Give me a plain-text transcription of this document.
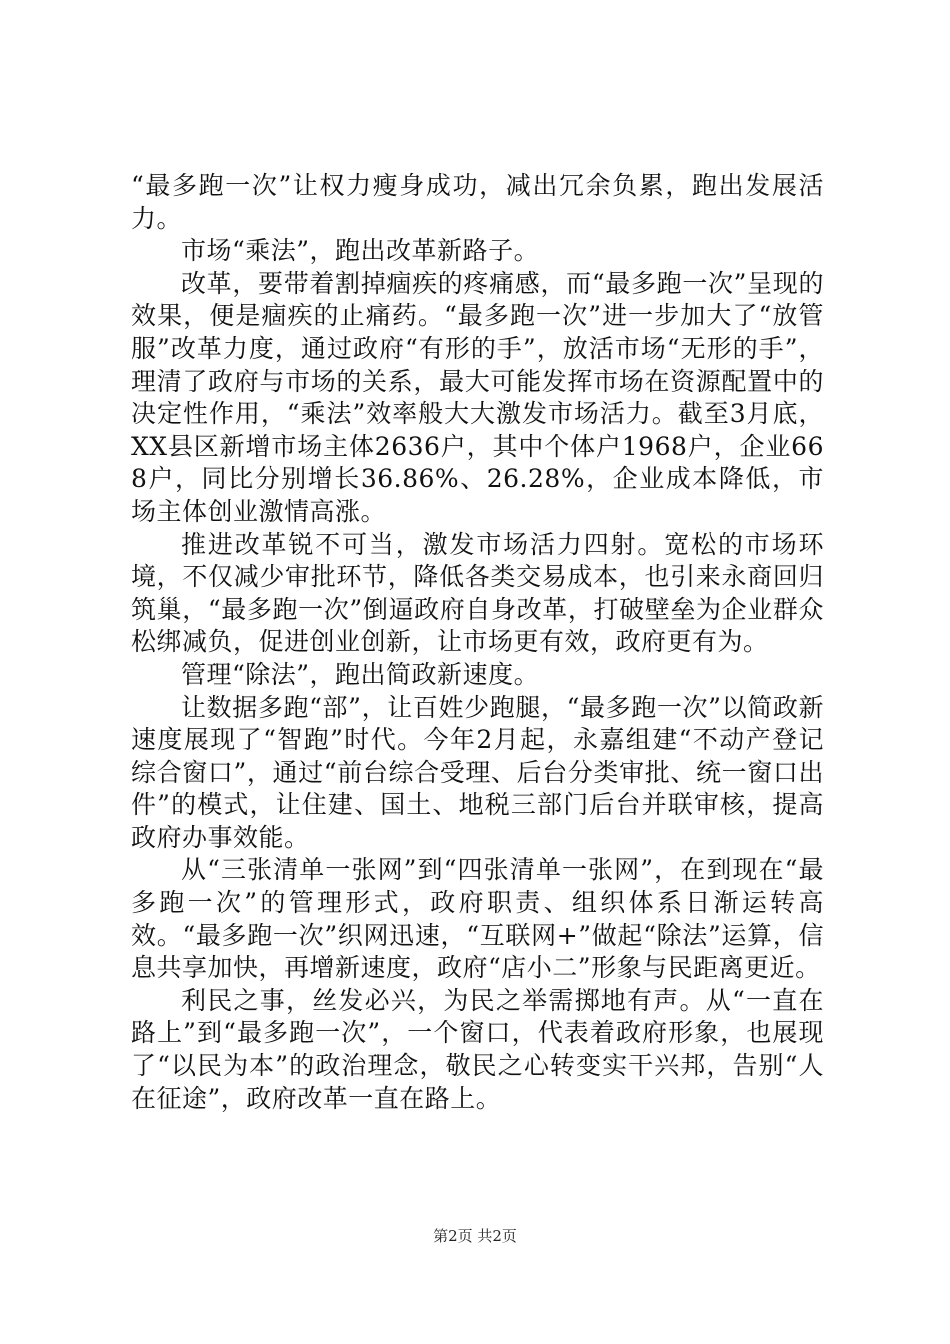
“最多跑一次”让权力瘦身成功，减出冗余负累，跑出发展活力。

市场“乘法”，跑出改革新路子。

改革，要带着割掉痼疾的疼痛感，而“最多跑一次”呈现的效果，便是痼疾的止痛药。“最多跑一次”进一步加大了“放管服”改革力度，通过政府“有形的手”，放活市场“无形的手”，理清了政府与市场的关系，最大可能发挥市场在资源配置中的决定性作用，“乘法”效率般大大激发市场活力。截至3月底，XX县区新增市场主体2636户，其中个体户1968户，企业668户，同比分别增长36.86%、26.28%，企业成本降低，市场主体创业激情高涨。

推进改革锐不可当，激发市场活力四射。宽松的市场环境，不仅减少审批环节，降低各类交易成本，也引来永商回归筑巢，“最多跑一次”倒逼政府自身改革，打破壁垒为企业群众松绑减负，促进创业创新，让市场更有效，政府更有为。

管理“除法”，跑出简政新速度。

让数据多跑“部”，让百姓少跑腿，“最多跑一次”以简政新速度展现了“智跑”时代。今年2月起，永嘉组建“不动产登记综合窗口”，通过“前台综合受理、后台分类审批、统一窗口出件”的模式，让住建、国土、地税三部门后台并联审核，提高政府办事效能。

从“三张清单一张网”到“四张清单一张网”，在到现在“最多跑一次”的管理形式，政府职责、组织体系日渐运转高效。“最多跑一次”织网迅速，“互联网+”做起“除法”运算，信息共享加快，再增新速度，政府“店小二”形象与民距离更近。

利民之事，丝发必兴，为民之举需掷地有声。从“一直在路上”到“最多跑一次”，一个窗口，代表着政府形象，也展现了“以民为本”的政治理念，敬民之心转变实干兴邦，告别“人在征途”，政府改革一直在路上。

第2页 共2页
